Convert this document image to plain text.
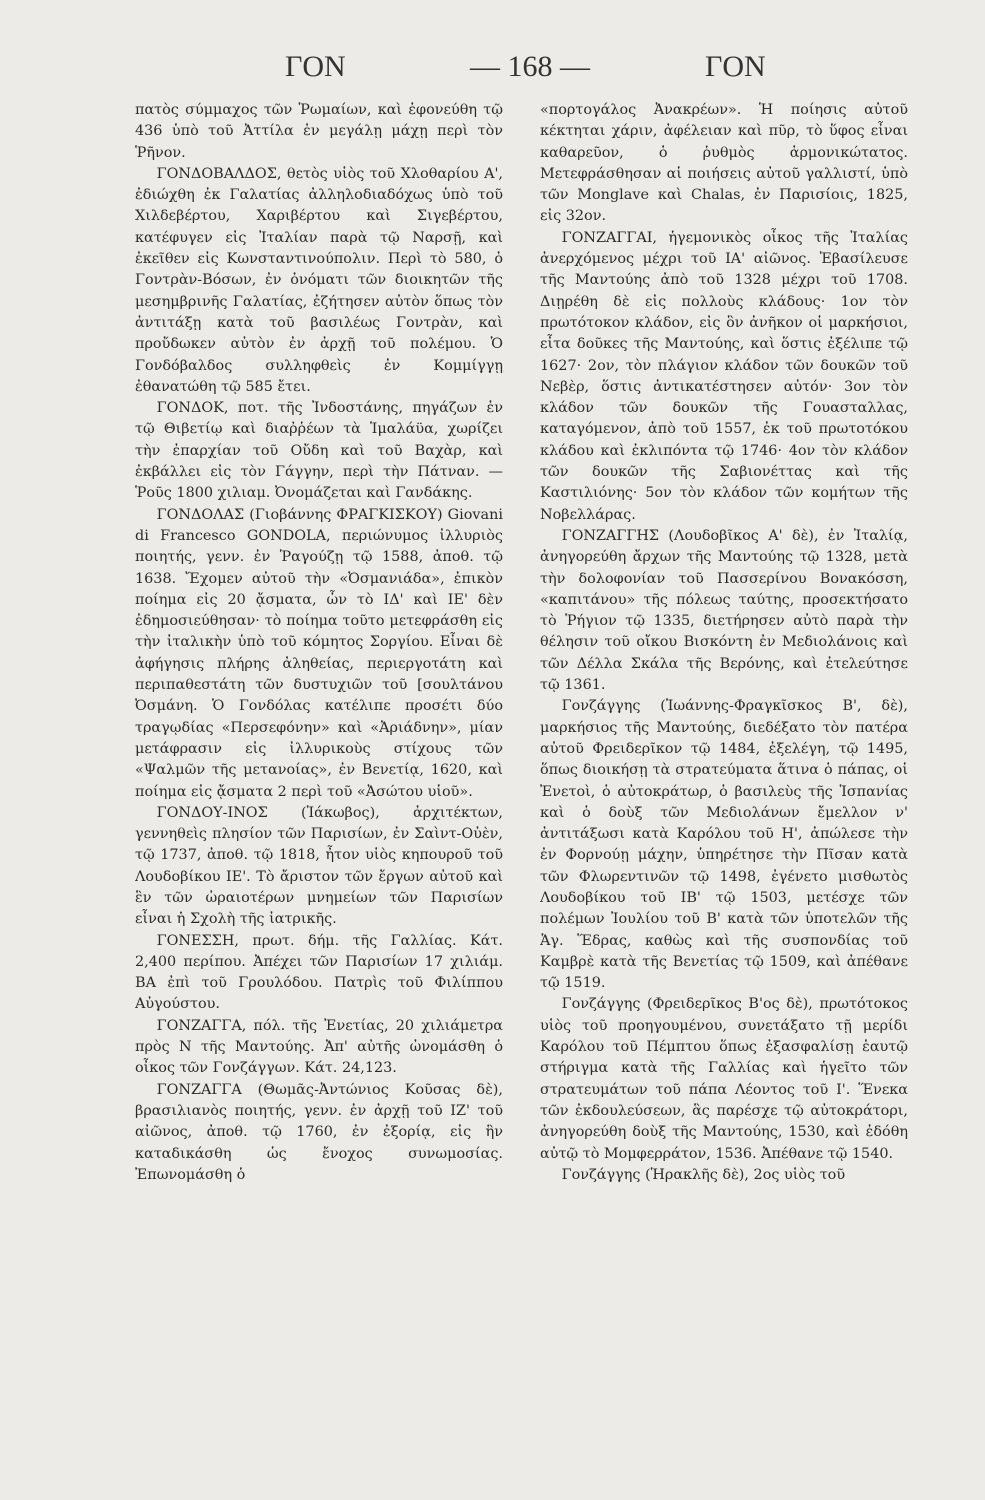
ΓΟΝ	— 168 —	ΓΟΝ

πατὸς σύμμαχος τῶν Ῥωμαίων, καὶ ἐφονεύθη τῷ 436 ὑπὸ τοῦ Ἀττίλα ἐν μεγάλῃ μάχῃ περὶ τὸν Ῥῆνον.

ΓΟΝΔΟΒΑΛΔΟΣ, θετὸς υἱὸς τοῦ Χλοθαρίου Α', ἐδιώχθη ἐκ Γαλατίας ἀλληλοδιαδόχως ὑπὸ τοῦ Χιλδεβέρτου, Χαριβέρτου καὶ Σιγεβέρτου, κατέφυγεν εἰς Ἰταλίαν παρὰ τῷ Ναρσῇ, καὶ ἐκεῖθεν εἰς Κωνσταντινούπολιν. Περὶ τὸ 580, ὁ Γοντρὰν-Βόσων, ἐν ὀνόματι τῶν διοικητῶν τῆς μεσημβρινῆς Γαλατίας, ἐζήτησεν αὐτὸν ὅπως τὸν ἀντιτάξῃ κατὰ τοῦ βασιλέως Γοντρὰν, καὶ προὔδωκεν αὐτὸν ἐν ἀρχῇ τοῦ πολέμου. Ὁ Γονδόβαλδος συλληφθεὶς ἐν Κομμίγγῃ ἐθανατώθη τῷ 585 ἔτει.

ΓΟΝΔΟΚ, ποτ. τῆς Ἰνδοστάνης, πηγάζων ἐν τῷ Θιβετίῳ καὶ διαῤῥέων τὰ Ἱμαλάϋα, χωρίζει τὴν ἐπαρχίαν τοῦ Οὔδη καὶ τοῦ Βαχὰρ, καὶ ἐκβάλλει εἰς τὸν Γάγγην, περὶ τὴν Πάτναν. — Ῥοῦς 1800 χιλιαμ. Ὀνομάζεται καὶ Γανδάκης.

ΓΟΝΔΟΛΑΣ (Γιοβάννης ΦΡΑΓΚΙΣΚΟΥ) Giovani di Francesco GONDOLA, περιώνυμος ἰλλυριὸς ποιητής, γενν. ἐν Ῥαγούζῃ τῷ 1588, ἀποθ. τῷ 1638. Ἔχομεν αὐτοῦ τὴν «Ὀσμανιάδα», ἐπικὸν ποίημα εἰς 20 ᾄσματα, ὧν τὸ ΙΔ' καὶ ΙΕ' δὲν ἐδημοσιεύθησαν· τὸ ποίημα τοῦτο μετεφράσθη εἰς τὴν ἰταλικὴν ὑπὸ τοῦ κόμητος Σοργίου. Εἶναι δὲ ἀφήγησις πλήρης ἀληθείας, περιεργοτάτη καὶ περιπαθεστάτη τῶν δυστυχιῶν τοῦ [σουλτάνου Ὀσμάνη. Ὁ Γονδόλας κατέλιπε προσέτι δύο τραγῳδίας «Περσεφόνην» καὶ «Ἀριάδνην», μίαν μετάφρασιν εἰς ἰλλυρικοὺς στίχους τῶν «Ψαλμῶν τῆς μετανοίας», ἐν Βενετίᾳ, 1620, καὶ ποίημα εἰς ᾄσματα 2 περὶ τοῦ «Ἀσώτου υἱοῦ».

ΓΟΝΔΟΥ-ΙΝΟΣ (Ἰάκωβος), ἀρχιτέκτων, γεννηθεὶς πλησίον τῶν Παρισίων, ἐν Σαὶντ-Οὐὲν, τῷ 1737, ἀποθ. τῷ 1818, ἦτον υἱὸς κηπουροῦ τοῦ Λουδοβίκου ΙΕ'. Τὸ ἄριστον τῶν ἔργων αὐτοῦ καὶ ἓν τῶν ὡραιοτέρων μνημείων τῶν Παρισίων εἶναι ἡ Σχολὴ τῆς ἰατρικῆς.

ΓΟΝΕΣΣΗ, πρωτ. δήμ. τῆς Γαλλίας. Κάτ. 2,400 περίπου. Ἀπέχει τῶν Παρισίων 17 χιλιάμ. ΒΑ ἐπὶ τοῦ Γρουλόδου. Πατρὶς τοῦ Φιλίππου Αὐγούστου.

ΓΟΝΖΑΓΓΑ, πόλ. τῆς Ἐνετίας, 20 χιλιάμετρα πρὸς Ν τῆς Μαντούης. Ἀπ' αὐτῆς ὠνομάσθη ὁ οἶκος τῶν Γονζάγγων. Κάτ. 24,123.

ΓΟΝΖΑΓΓΑ (Θωμᾶς-Ἀντώνιος Κοῦσας δὲ), βρασιλιανὸς ποιητής, γενν. ἐν ἀρχῇ τοῦ ΙΖ' τοῦ αἰῶνος, ἀποθ. τῷ 1760, ἐν ἐξορίᾳ, εἰς ἣν καταδικάσθη ὡς ἔνοχος συνωμοσίας. Ἐπωνομάσθη ὁ

«πορτογάλος Ἀνακρέων». Ἡ ποίησις αὐτοῦ κέκτηται χάριν, ἀφέλειαν καὶ πῦρ, τὸ ὕφος εἶναι καθαρεῦον, ὁ ῥυθμὸς ἁρμονικώτατος. Μετεφράσθησαν αἱ ποιήσεις αὐτοῦ γαλλιστί, ὑπὸ τῶν Monglave καὶ Chalas, ἐν Παρισίοις, 1825, εἰς 32ον.

ΓΟΝΖΑΓΓΑΙ, ἡγεμονικὸς οἶκος τῆς Ἰταλίας ἀνερχόμενος μέχρι τοῦ ΙΑ' αἰῶνος. Ἐβασίλευσε τῆς Μαντούης ἀπὸ τοῦ 1328 μέχρι τοῦ 1708. Διῃρέθη δὲ εἰς πολλοὺς κλάδους· 1ον τὸν πρωτότοκον κλάδον, εἰς ὃν ἀνῆκον οἱ μαρκήσιοι, εἶτα δοῦκες τῆς Μαντούης, καὶ ὅστις ἐξέλιπε τῷ 1627· 2ον, τὸν πλάγιον κλάδον τῶν δουκῶν τοῦ Νεβὲρ, ὅστις ἀντικατέστησεν αὐτόν· 3ον τὸν κλάδον τῶν δουκῶν τῆς Γουασταλλας, καταγόμενον, ἀπὸ τοῦ 1557, ἐκ τοῦ πρωτοτόκου κλάδου καὶ ἐκλιπόντα τῷ 1746· 4ον τὸν κλάδον τῶν δουκῶν τῆς Σαβιονέττας καὶ τῆς Καστιλιόνης· 5ον τὸν κλάδον τῶν κομήτων τῆς Νοβελλάρας.

ΓΟΝΖΑΓΓΗΣ (Λουδοβῖκος Α' δὲ), ἐν Ἰταλίᾳ, ἀνηγορεύθη ἄρχων τῆς Μαντούης τῷ 1328, μετὰ τὴν δολοφονίαν τοῦ Πασσερίνου Βονακόσση, «καπιτάνου» τῆς πόλεως ταύτης, προσεκτήσατο τὸ Ῥήγιον τῷ 1335, διετήρησεν αὐτὸ παρὰ τὴν θέλησιν τοῦ οἴκου Βισκόντη ἐν Μεδιολάνοις καὶ τῶν Δέλλα Σκάλα τῆς Βερόνης, καὶ ἐτελεύτησε τῷ 1361.

Γονζάγγης (Ἰωάννης-Φραγκῖσκος Β', δὲ), μαρκήσιος τῆς Μαντούης, διεδέξατο τὸν πατέρα αὐτοῦ Φρειδερῖκον τῷ 1484, ἐξελέγη, τῷ 1495, ὅπως διοικήσῃ τὰ στρατεύματα ἅτινα ὁ πάπας, οἱ Ἐνετοὶ, ὁ αὐτοκράτωρ, ὁ βασιλεὺς τῆς Ἱσπανίας καὶ ὁ δοὺξ τῶν Μεδιολάνων ἔμελλον ν' ἀντιτάξωσι κατὰ Καρόλου τοῦ Η', ἀπώλεσε τὴν ἐν Φορνούῃ μάχην, ὑπηρέτησε τὴν Πῖσαν κατὰ τῶν Φλωρεντινῶν τῷ 1498, ἐγένετο μισθωτὸς Λουδοβίκου τοῦ ΙΒ' τῷ 1503, μετέσχε τῶν πολέμων Ἰουλίου τοῦ Β' κατὰ τῶν ὑποτελῶν τῆς Ἁγ. Ἕδρας, καθὼς καὶ τῆς συσπονδίας τοῦ Καμβρὲ κατὰ τῆς Βενετίας τῷ 1509, καὶ ἀπέθανε τῷ 1519.

Γονζάγγης (Φρειδερῖκος Β'ος δὲ), πρωτότοκος υἱὸς τοῦ προηγουμένου, συνετάξατο τῇ μερίδι Καρόλου τοῦ Πέμπτου ὅπως ἐξασφαλίσῃ ἑαυτῷ στήριγμα κατὰ τῆς Γαλλίας καὶ ἡγεῖτο τῶν στρατευμάτων τοῦ πάπα Λέοντος τοῦ Ι'. Ἕνεκα τῶν ἐκδουλεύσεων, ἃς παρέσχε τῷ αὐτοκράτορι, ἀνηγορεύθη δοὺξ τῆς Μαντούης, 1530, καὶ ἐδόθη αὐτῷ τὸ Μομφερράτον, 1536. Ἀπέθανε τῷ 1540.

Γονζάγγης (Ἡρακλῆς δὲ), 2ος υἱὸς τοῦ
